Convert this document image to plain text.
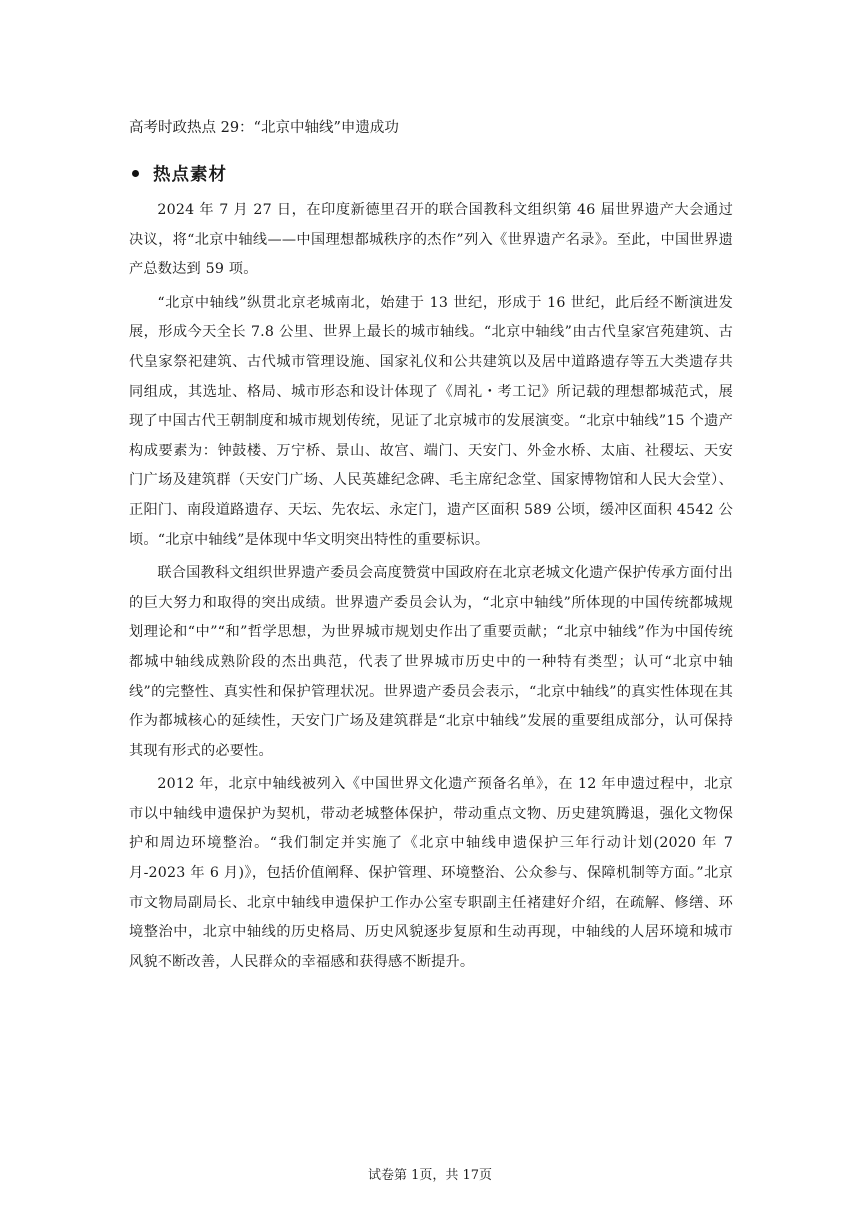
高考时政热点 29：“北京中轴线”申遗成功

热点素材

2024 年 7 月 27 日，在印度新德里召开的联合国教科文组织第 46 届世界遗产大会通过决议，将“北京中轴线——中国理想都城秩序的杰作”列入《世界遗产名录》。至此，中国世界遗产总数达到 59 项。

“北京中轴线”纵贯北京老城南北，始建于 13 世纪，形成于 16 世纪，此后经不断演进发展，形成今天全长 7.8 公里、世界上最长的城市轴线。“北京中轴线”由古代皇家宫苑建筑、古代皇家祭祀建筑、古代城市管理设施、国家礼仪和公共建筑以及居中道路遗存等五大类遗存共同组成，其选址、格局、城市形态和设计体现了《周礼・考工记》所记载的理想都城范式，展现了中国古代王朝制度和城市规划传统，见证了北京城市的发展演变。“北京中轴线”15 个遗产构成要素为：钟鼓楼、万宁桥、景山、故宫、端门、天安门、外金水桥、太庙、社稷坛、天安门广场及建筑群（天安门广场、人民英雄纪念碑、毛主席纪念堂、国家博物馆和人民大会堂）、正阳门、南段道路遗存、天坛、先农坛、永定门，遗产区面积 589 公顷，缓冲区面积 4542 公顷。“北京中轴线”是体现中华文明突出特性的重要标识。

联合国教科文组织世界遗产委员会高度赞赏中国政府在北京老城文化遗产保护传承方面付出的巨大努力和取得的突出成绩。世界遗产委员会认为，“北京中轴线”所体现的中国传统都城规划理论和“中”“和”哲学思想，为世界城市规划史作出了重要贡献；“北京中轴线”作为中国传统都城中轴线成熟阶段的杰出典范，代表了世界城市历史中的一种特有类型；认可“北京中轴线”的完整性、真实性和保护管理状况。世界遗产委员会表示，“北京中轴线”的真实性体现在其作为都城核心的延续性，天安门广场及建筑群是“北京中轴线”发展的重要组成部分，认可保持其现有形式的必要性。

2012 年，北京中轴线被列入《中国世界文化遗产预备名单》，在 12 年申遗过程中，北京市以中轴线申遗保护为契机，带动老城整体保护，带动重点文物、历史建筑腾退，强化文物保护和周边环境整治。“我们制定并实施了《北京中轴线申遗保护三年行动计划(2020 年 7 月-2023 年 6 月)》，包括价值阐释、保护管理、环境整治、公众参与、保障机制等方面。”北京市文物局副局长、北京中轴线申遗保护工作办公室专职副主任褚建好介绍，在疏解、修缮、环境整治中，北京中轴线的历史格局、历史风貌逐步复原和生动再现，中轴线的人居环境和城市风貌不断改善，人民群众的幸福感和获得感不断提升。

试卷第 1页，共 17页
